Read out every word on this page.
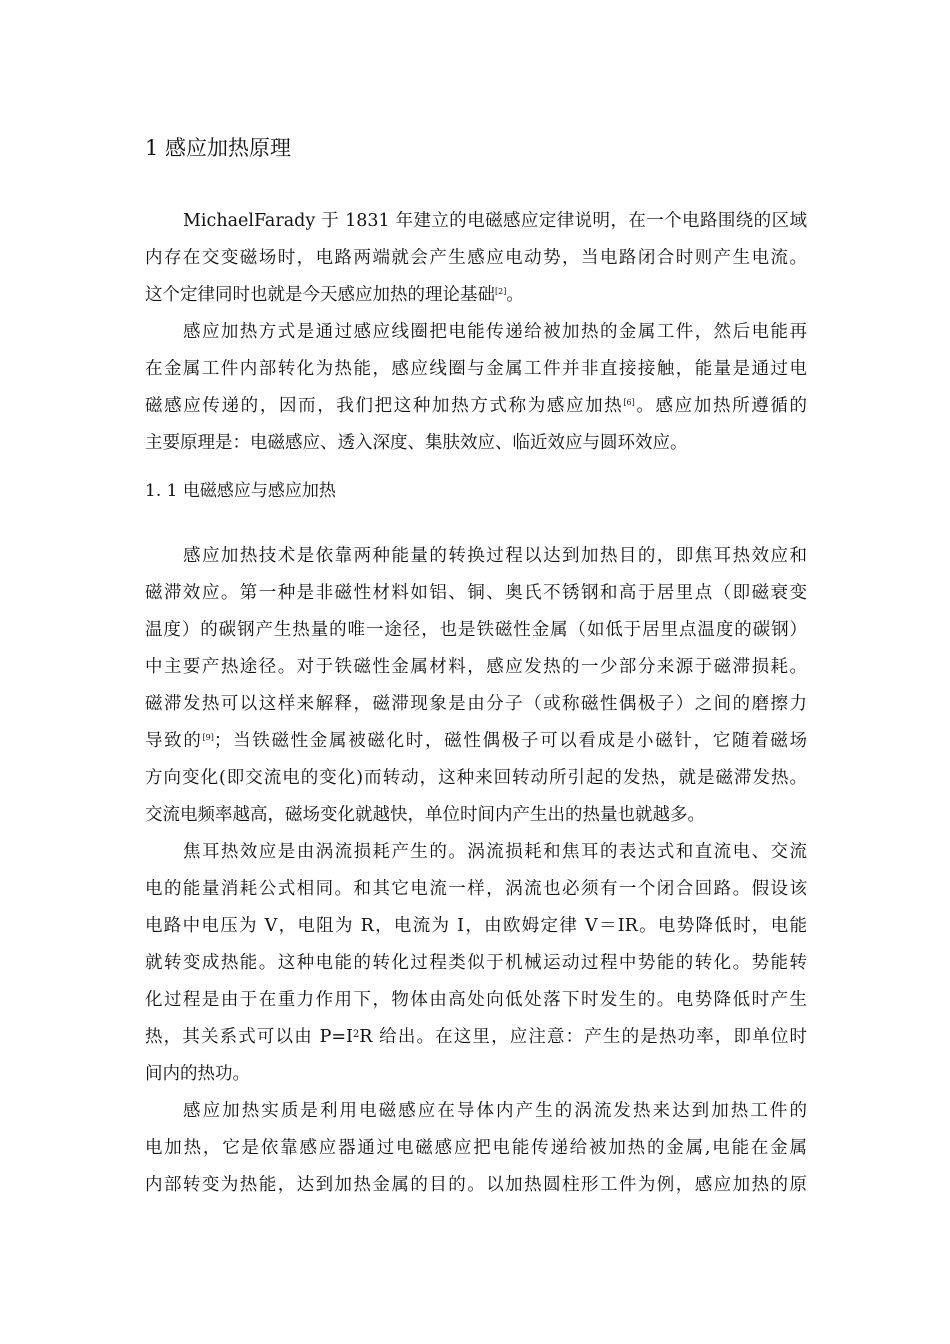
1 感应加热原理
MichaelFarady 于 1831 年建立的电磁感应定律说明，在一个电路围绕的区域
内存在交变磁场时，电路两端就会产生感应电动势，当电路闭合时则产生电流。
这个定律同时也就是今天感应加热的理论基础[2]。
感应加热方式是通过感应线圈把电能传递给被加热的金属工件，然后电能再
在金属工件内部转化为热能，感应线圈与金属工件并非直接接触，能量是通过电
磁感应传递的，因而，我们把这种加热方式称为感应加热[6]。感应加热所遵循的
主要原理是：电磁感应、透入深度、集肤效应、临近效应与圆环效应。
1. 1 电磁感应与感应加热
感应加热技术是依靠两种能量的转换过程以达到加热目的，即焦耳热效应和
磁滞效应。第一种是非磁性材料如铝、铜、奥氏不锈钢和高于居里点（即磁衰变
温度）的碳钢产生热量的唯一途径，也是铁磁性金属（如低于居里点温度的碳钢）
中主要产热途径。对于铁磁性金属材料，感应发热的一少部分来源于磁滞损耗。
磁滞发热可以这样来解释，磁滞现象是由分子（或称磁性偶极子）之间的磨擦力
导致的[9]；当铁磁性金属被磁化时，磁性偶极子可以看成是小磁针，它随着磁场
方向变化(即交流电的变化)而转动，这种来回转动所引起的发热，就是磁滞发热。
交流电频率越高，磁场变化就越快，单位时间内产生出的热量也就越多。
焦耳热效应是由涡流损耗产生的。涡流损耗和焦耳的表达式和直流电、交流
电的能量消耗公式相同。和其它电流一样，涡流也必须有一个闭合回路。假设该
电路中电压为 V，电阻为 R，电流为 I，由欧姆定律 V＝IR。电势降低时，电能
就转变成热能。这种电能的转化过程类似于机械运动过程中势能的转化。势能转
化过程是由于在重力作用下，物体由高处向低处落下时发生的。电势降低时产生
热，其关系式可以由 $P=I^2R$ 给出。在这里，应注意：产生的是热功率，即单位时
间内的热功。
感应加热实质是利用电磁感应在导体内产生的涡流发热来达到加热工件的
电加热，它是依靠感应器通过电磁感应把电能传递给被加热的金属,电能在金属
内部转变为热能，达到加热金属的目的。以加热圆柱形工件为例，感应加热的原
